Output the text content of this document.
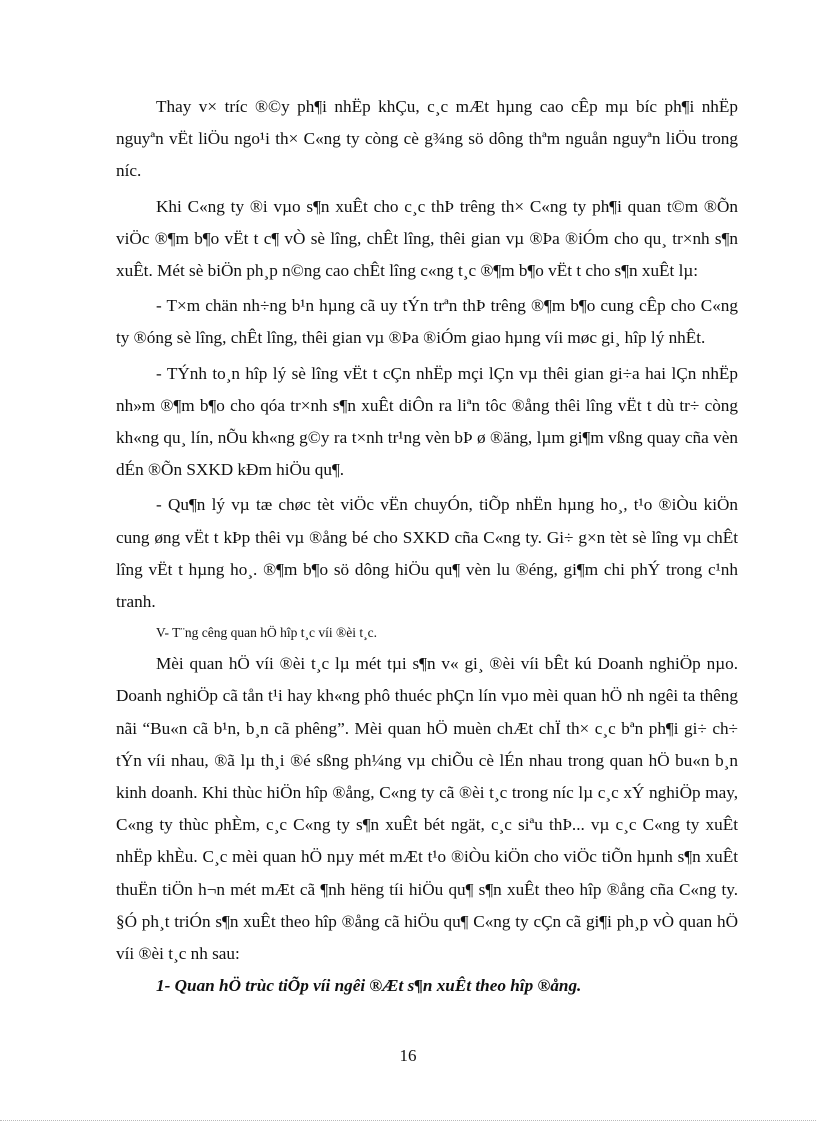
Thay v× tríc ®©y ph¶i nhËp khÇu, c¸c mÆt hµng cao cÊp mµ bíc ph¶i nhËp nguyªn vËt liÖu ngo¹i th× C«ng ty còng cè g¾ng sö dông thªm nguån nguyªn liÖu trong níc.

Khi C«ng ty ®i vµo s¶n xuÊt cho c¸c thÞ trêng th× C«ng ty ph¶i quan t©m ®Õn viÖc ®¶m b¶o vËt t c¶ vÒ sè lîng, chÊt lîng, thêi gian vµ ®Þa ®iÓm cho qu¸ tr×nh s¶n xuÊt. Mét sè biÖn ph¸p n©ng cao chÊt lîng c«ng t¸c ®¶m b¶o vËt t cho s¶n xuÊt lµ:

- T×m chän nh÷ng b¹n hµng cã uy tÝn trªn thÞ trêng ®¶m b¶o cung cÊp cho C«ng ty ®óng sè lîng, chÊt lîng, thêi gian vµ ®Þa ®iÓm giao hµng víi møc gi¸ hîp lý nhÊt.

- TÝnh to¸n hîp lý sè lîng vËt t cÇn nhËp mçi lÇn vµ thêi gian gi÷a hai lÇn nhËp nh»m ®¶m b¶o cho qóa tr×nh s¶n xuÊt diÔn ra liªn tôc ®ång thêi lîng vËt t dù tr÷ còng kh«ng qu¸ lín, nÕu kh«ng g©y ra t×nh tr¹ng vèn bÞ ø ®äng, lµm gi¶m vßng quay cña vèn dÉn ®Õn SXKD kÐm hiÖu qu¶.

- Qu¶n lý vµ tæ chøc tèt viÖc vËn chuyÓn, tiÕp nhËn hµng ho¸, t¹o ®iÒu kiÖn cung øng vËt t kÞp thêi vµ ®ång bé cho SXKD cña C«ng ty. Gi÷ g×n tèt sè lîng vµ chÊt lîng vËt t hµng ho¸. ®¶m b¶o sö dông hiÖu qu¶ vèn lu ®éng, gi¶m chi phÝ trong c¹nh tranh.

V- T¨ng cêng quan hÖ hîp t¸c víi ®èi t¸c.

Mèi quan hÖ víi ®èi t¸c lµ mét tµi s¶n v« gi¸ ®èi víi bÊt kú Doanh nghiÖp nµo. Doanh nghiÖp cã tån t¹i hay kh«ng phô thuéc phÇn lín vµo mèi quan hÖ nh ngêi ta thêng nãi “Bu«n cã b¹n, b¸n cã phêng”. Mèi quan hÖ muèn chÆt chÏ th× c¸c bªn ph¶i gi÷ ch÷ tÝn víi nhau, ®ã lµ th¸i ®é sßng ph¼ng vµ chiÕu cè lÉn nhau trong quan hÖ bu«n b¸n kinh doanh. Khi thùc hiÖn hîp ®ång, C«ng ty cã ®èi t¸c trong níc lµ c¸c xÝ nghiÖp may, C«ng ty thùc phÈm, c¸c C«ng ty s¶n xuÊt bét ngät, c¸c siªu thÞ... vµ c¸c C«ng ty xuÊt nhËp khÈu. C¸c mèi quan hÖ nµy mét mÆt t¹o ®iÒu kiÖn cho viÖc tiÕn hµnh s¶n xuÊt thuËn tiÖn h¬n mét mÆt cã ¶nh hëng tíi hiÖu qu¶ s¶n xuÊt theo hîp ®ång cña C«ng ty. §Ó ph¸t triÓn s¶n xuÊt theo hîp ®ång cã hiÖu qu¶ C«ng ty cÇn cã gi¶i ph¸p vÒ quan hÖ víi ®èi t¸c nh sau:

1- Quan hÖ trùc tiÕp víi ngêi ®Æt s¶n xuÊt theo hîp ®ång.

16
